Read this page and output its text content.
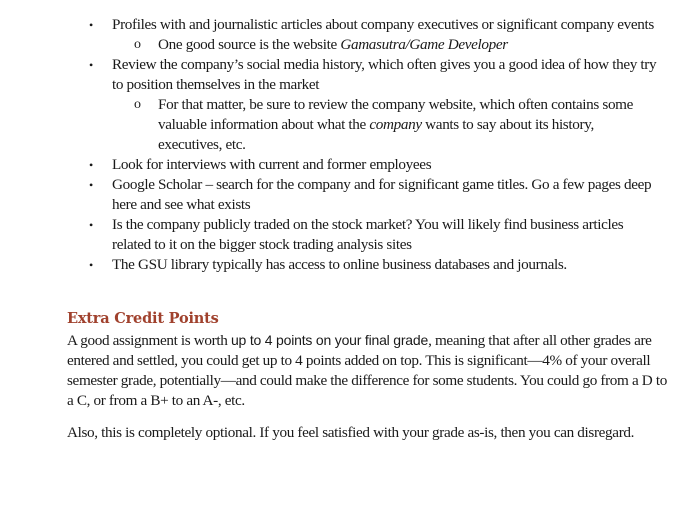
•	Profiles with and journalistic articles about company executives or significant company events
o One good source is the website Gamasutra/Game Developer
•	Review the company’s social media history, which often gives you a good idea of how they try to position themselves in the market
o For that matter, be sure to review the company website, which often contains some valuable information about what the company wants to say about its history, executives, etc.
•	Look for interviews with current and former employees
•	Google Scholar – search for the company and for significant game titles. Go a few pages deep here and see what exists
•	Is the company publicly traded on the stock market? You will likely find business articles related to it on the bigger stock trading analysis sites
•	The GSU library typically has access to online business databases and journals.
Extra Credit Points
A good assignment is worth up to 4 points on your final grade, meaning that after all other grades are entered and settled, you could get up to 4 points added on top. This is significant—4% of your overall semester grade, potentially—and could make the difference for some students. You could go from a D to a C, or from a B+ to an A-, etc.
Also, this is completely optional. If you feel satisfied with your grade as-is, then you can disregard.
